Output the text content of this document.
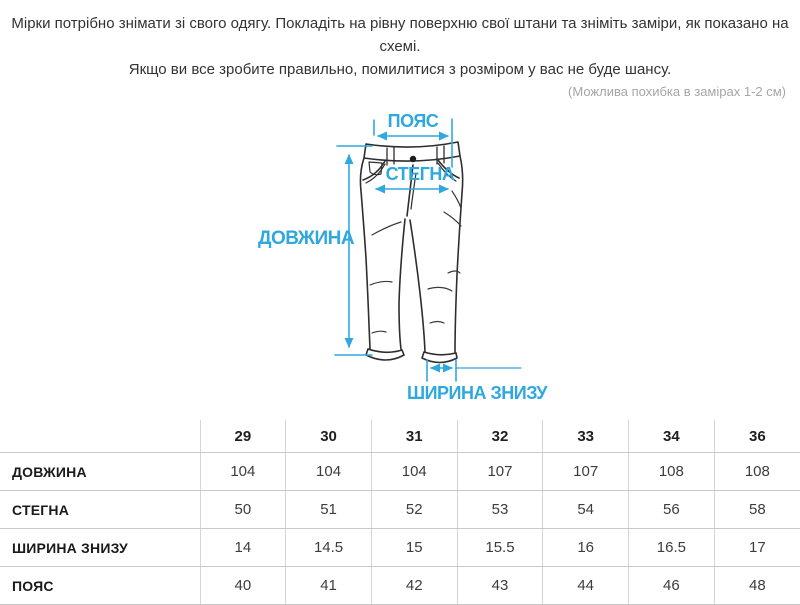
Мірки потрібно знімати зі свого одягу. Покладіть на рівну поверхню свої штани та зніміть заміри, як показано на схемі.
Якщо ви все зробите правильно, помилитися з розміром у вас не буде шансу.

(Можлива похибка в замірах 1-2 см)
ПОЯС
СТЕГНА
ДОВЖИНА
ШИРИНА ЗНИЗУ
	29	30	31	32	33	34	36
ДОВЖИНА	104	104	104	107	107	108	108
СТЕГНА	50	51	52	53	54	56	58
ШИРИНА ЗНИЗУ	14	14.5	15	15.5	16	16.5	17
ПОЯС	40	41	42	43	44	46	48
